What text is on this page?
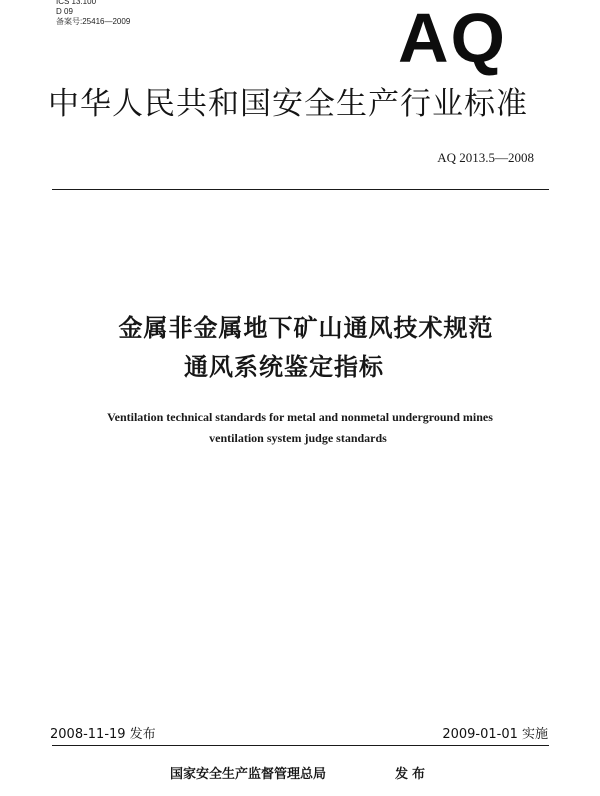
ICS 13.100
D 09
备案号:25416—2009	AQ
中华人民共和国安全生产行业标准
AQ 2013.5—2008
金属非金属地下矿山通风技术规范
通风系统鉴定指标
Ventilation technical standards for metal and nonmetal underground mines
ventilation system judge standards
2008-11-19 发布	2009-01-01 实施
国家安全生产监督管理总局	发布
